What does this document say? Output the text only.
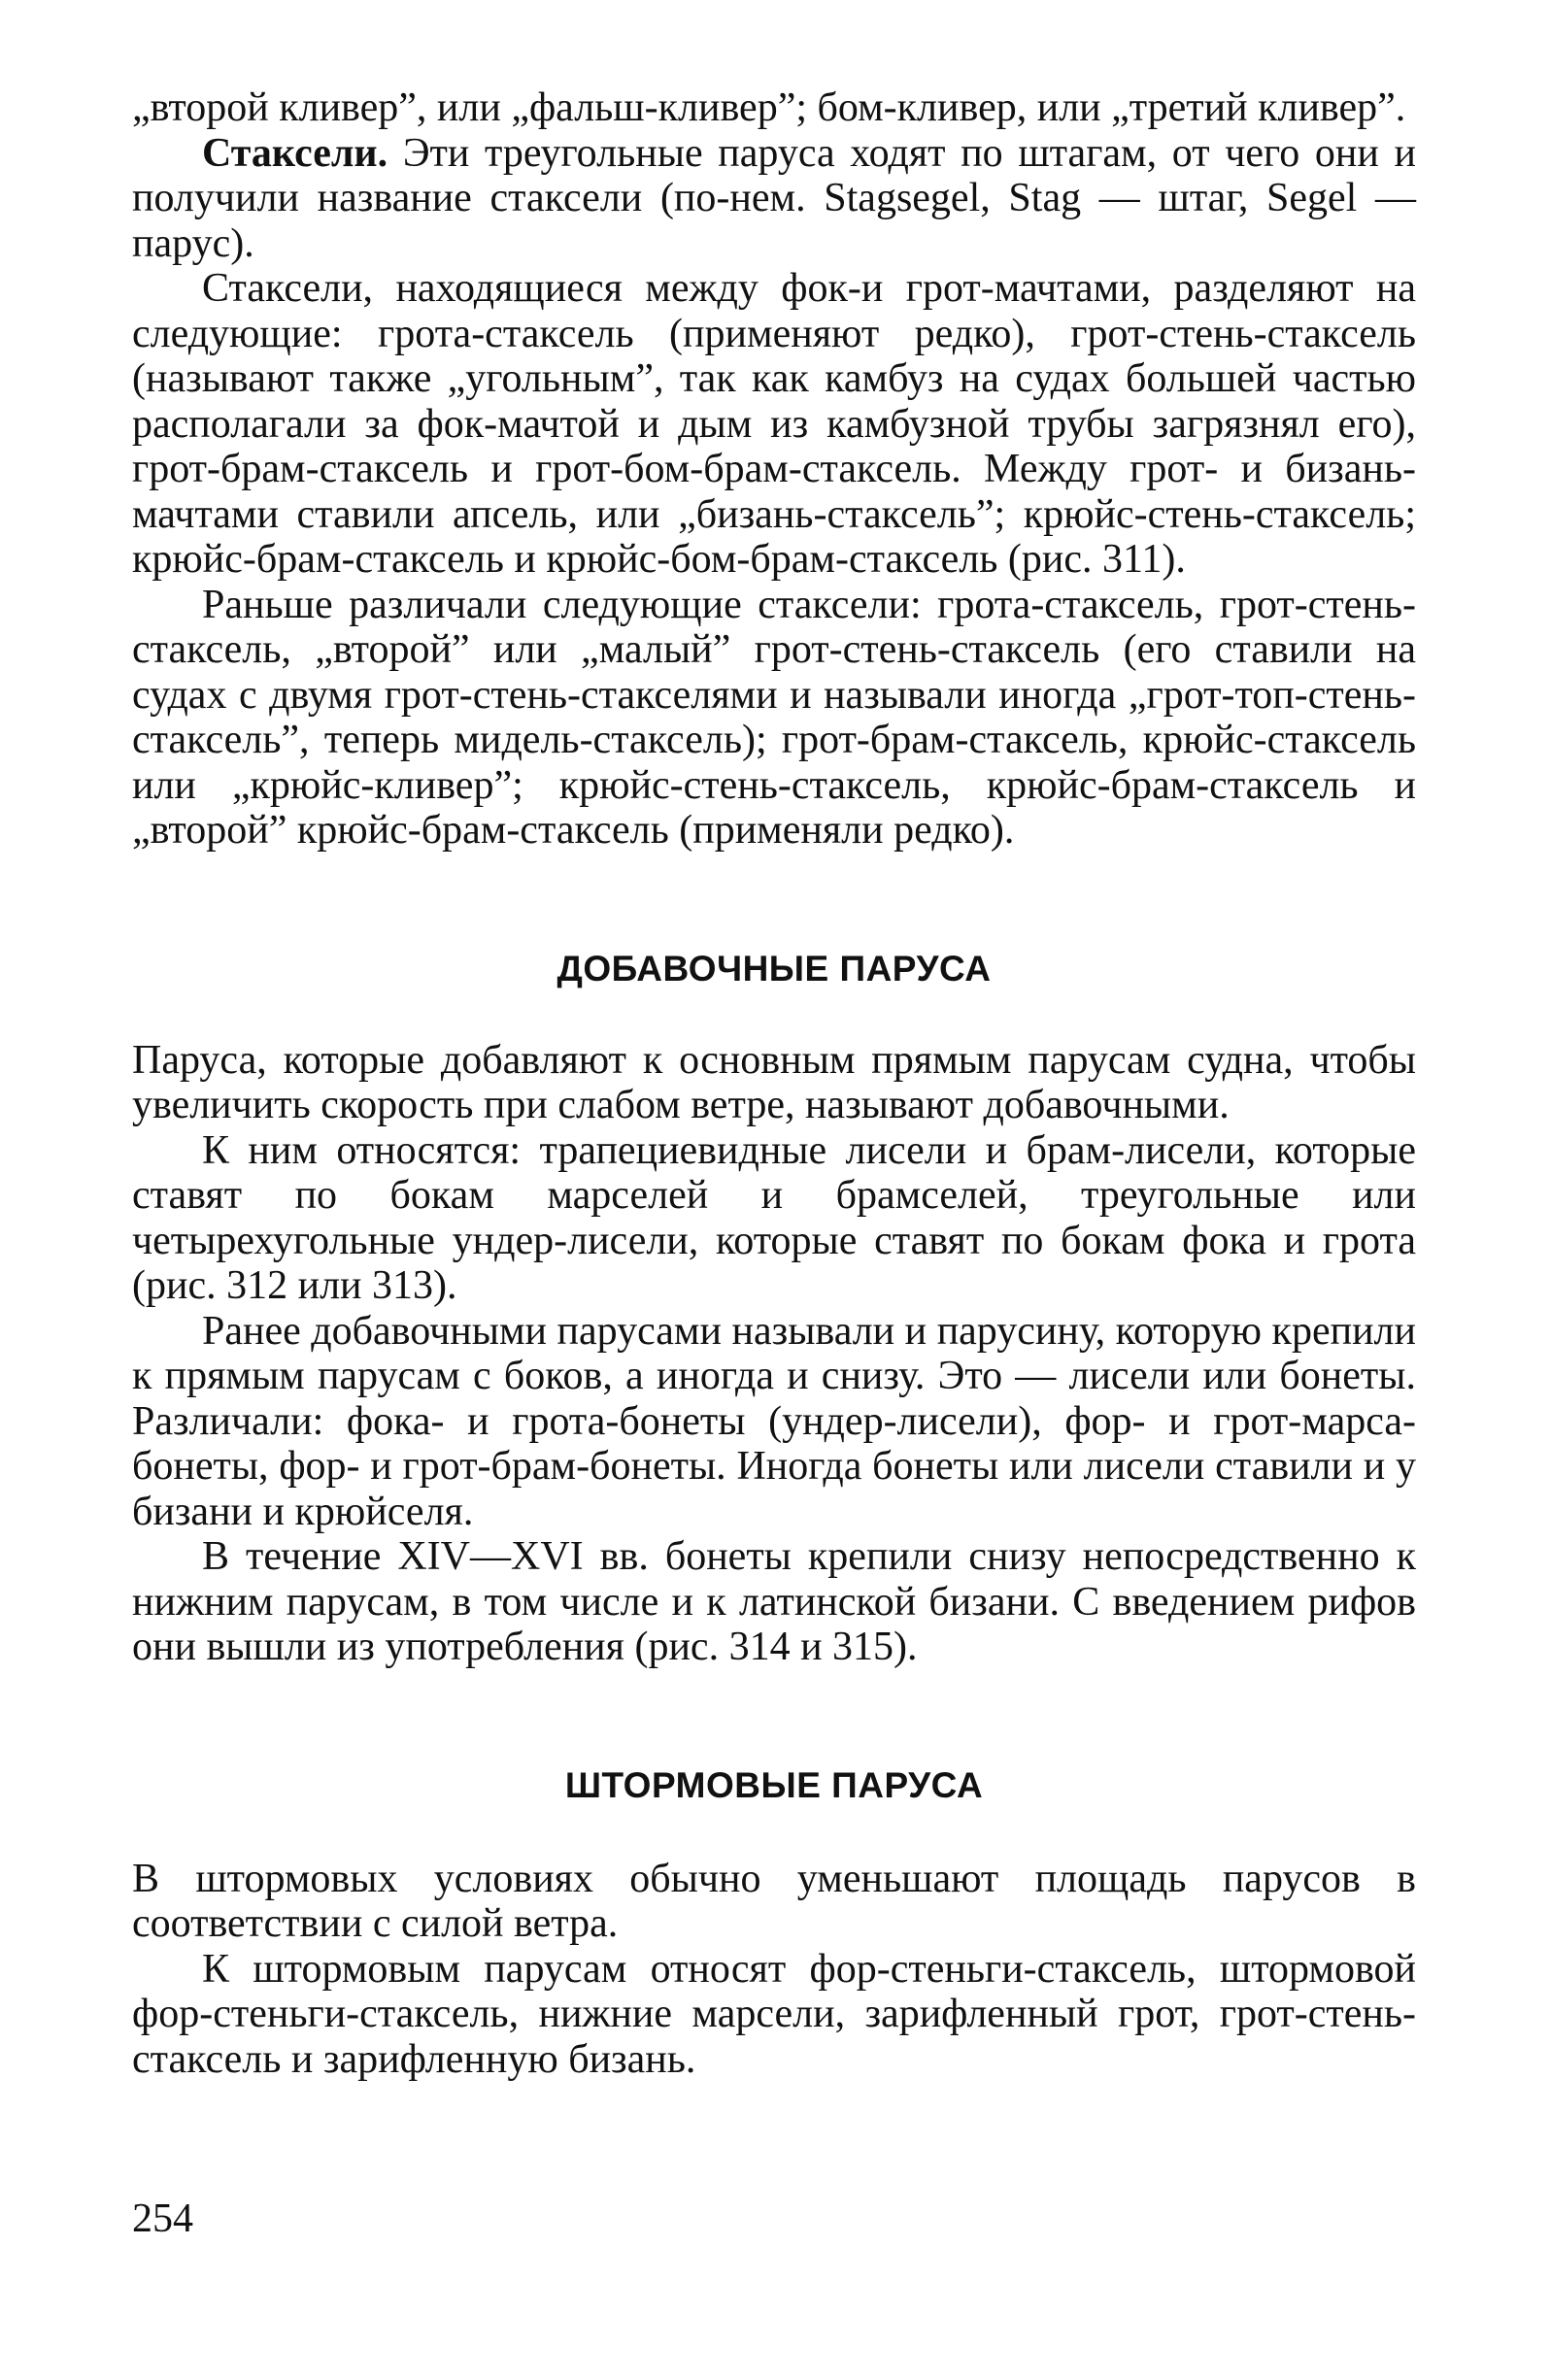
„второй кливер”, или „фальш-кливер”; бом-кливер, или „третий кливер”.

Стаксели. Эти треугольные паруса ходят по штагам, от чего они и получили название стаксели (по-нем. Stagsegel, Stag — штаг, Segel — парус).

Стаксели, находящиеся между фок-и грот-мачтами, разделяют на следующие: грота-стаксель (применяют редко), грот-стень-стаксель (называют также „угольным”, так как камбуз на судах большей частью располагали за фок-мачтой и дым из камбузной трубы загрязнял его), грот-брам-стаксель и грот-бом-брам-стаксель. Между грот- и бизань-мачтами ставили апсель, или „бизань-стаксель”; крюйс-стень-стаксель; крюйс-брам-стаксель и крюйс-бом-брам-стаксель (рис. 311).

Раньше различали следующие стаксели: грота-стаксель, грот-стень-стаксель, „второй” или „малый” грот-стень-стаксель (его ставили на судах с двумя грот-стень-стакселями и называли иногда „грот-топ-стень-стаксель”, теперь мидель-стаксель); грот-брам-стаксель, крюйс-стаксель или „крюйс-кливер”; крюйс-стень-стаксель, крюйс-брам-стаксель и „второй” крюйс-брам-стаксель (применяли редко).

ДОБАВОЧНЫЕ ПАРУСА

Паруса, которые добавляют к основным прямым парусам судна, чтобы увеличить скорость при слабом ветре, называют добавочными.

К ним относятся: трапециевидные лисели и брам-лисели, которые ставят по бокам марселей и брамселей, треугольные или четырехугольные ундер-лисели, которые ставят по бокам фока и грота (рис. 312 или 313).

Ранее добавочными парусами называли и парусину, которую крепили к прямым парусам с боков, а иногда и снизу. Это — лисели или бонеты. Различали: фока- и грота-бонеты (ундер-лисели), фор- и грот-марса-бонеты, фор- и грот-брам-бонеты. Иногда бонеты или лисели ставили и у бизани и крюйселя.

В течение XIV—XVI вв. бонеты крепили снизу непосредственно к нижним парусам, в том числе и к латинской бизани. С введением рифов они вышли из употребления (рис. 314 и 315).

ШТОРМОВЫЕ ПАРУСА

В штормовых условиях обычно уменьшают площадь парусов в соответствии с силой ветра.

К штормовым парусам относят фор-стеньги-стаксель, штормовой фор-стеньги-стаксель, нижние марсели, зарифленный грот, грот-стень-стаксель и зарифленную бизань.

254
